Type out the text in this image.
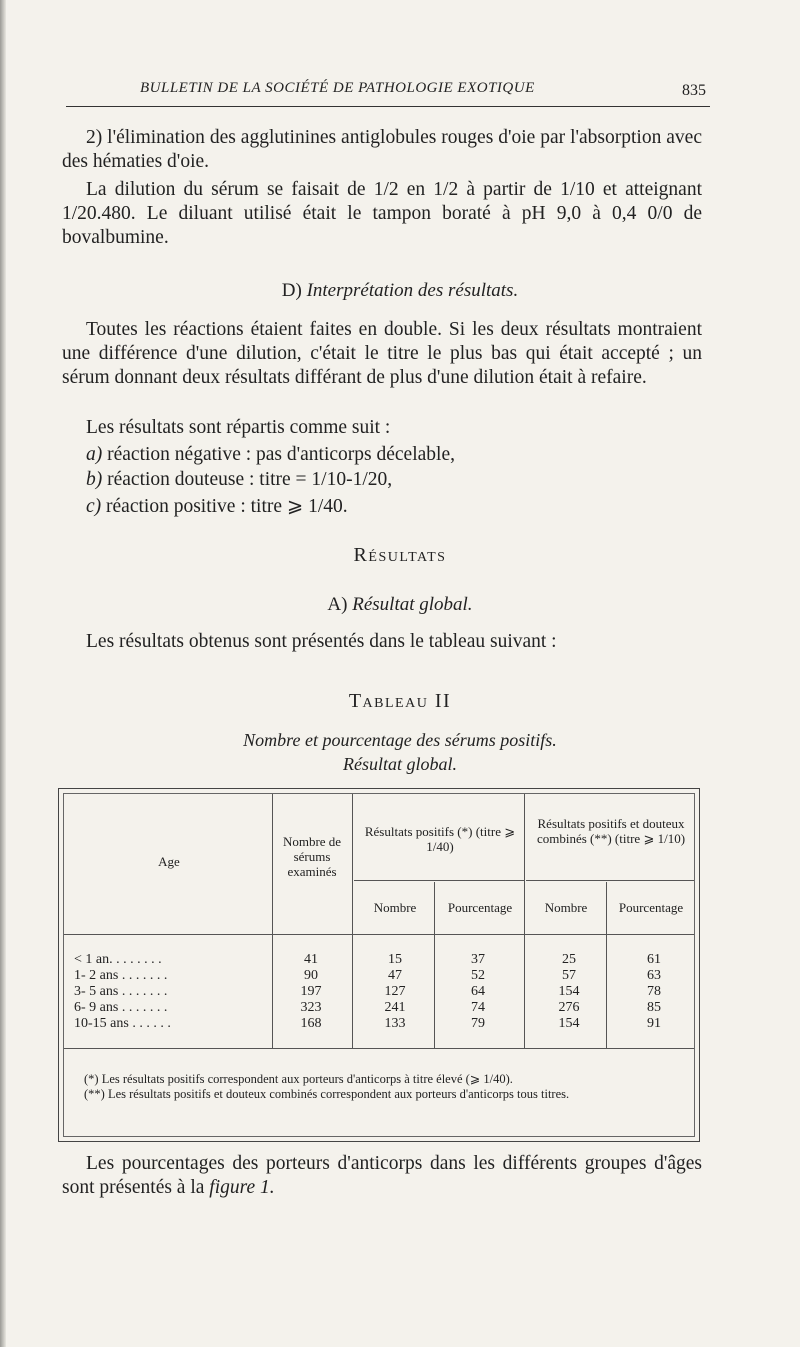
BULLETIN DE LA SOCIÉTÉ DE PATHOLOGIE EXOTIQUE	835
2) l'élimination des agglutinines antiglobules rouges d'oie par l'absorption avec des hématies d'oie.
La dilution du sérum se faisait de 1/2 en 1/2 à partir de 1/10 et atteignant 1/20.480. Le diluant utilisé était le tampon boraté à pH 9,0 à 0,4 0/0 de bovalbumine.
D) Interprétation des résultats.
Toutes les réactions étaient faites en double. Si les deux résultats montraient une différence d'une dilution, c'était le titre le plus bas qui était accepté ; un sérum donnant deux résultats différant de plus d'une dilution était à refaire.
Les résultats sont répartis comme suit :
a) réaction négative : pas d'anticorps décelable,
b) réaction douteuse : titre = 1/10-1/20,
c) réaction positive : titre ⩾ 1/40.
Résultats
A) Résultat global.
Les résultats obtenus sont présentés dans le tableau suivant :
Tableau II
Nombre et pourcentage des sérums positifs.
Résultat global.
Age
Nombre de sérums examinés
Résultats positifs (*) (titre ⩾ 1/40)
Résultats positifs et douteux combinés (**) (titre ⩾ 1/10)
Nombre	Pourcentage	Nombre	Pourcentage
< 1 an. . . . . . . .	41	15	37	25	61
1- 2 ans . . . . . . .	90	47	52	57	63
3- 5 ans . . . . . . .	197	127	64	154	78
6- 9 ans . . . . . . .	323	241	74	276	85
10-15 ans . . . . . .	168	133	79	154	91
(*) Les résultats positifs correspondent aux porteurs d'anticorps à titre élevé (⩾ 1/40).
(**) Les résultats positifs et douteux combinés correspondent aux porteurs d'anticorps tous titres.
Les pourcentages des porteurs d'anticorps dans les différents groupes d'âges sont présentés à la figure 1.
